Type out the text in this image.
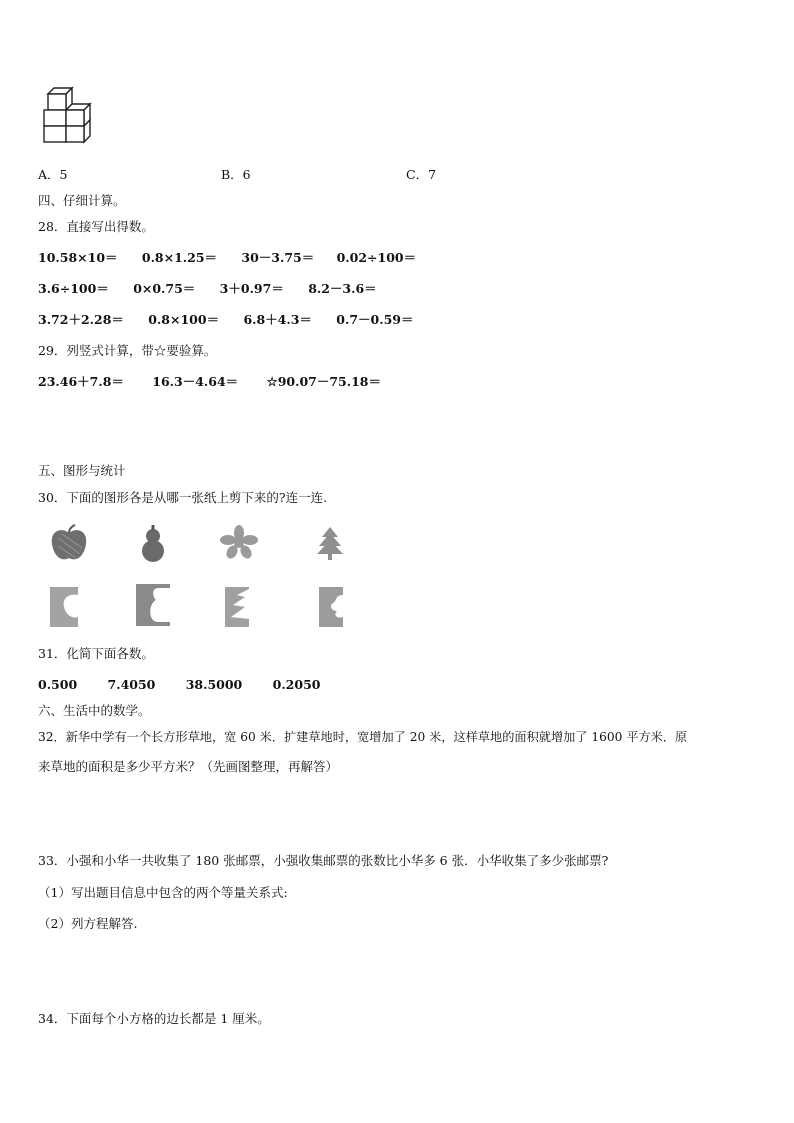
A．5	B．6	C．7
四、仔细计算。
28．直接写出得数。
10.58×10＝ 0.8×1.25＝ 30－3.75＝ 0.02÷100＝
3.6÷100＝ 0×0.75＝ 3＋0.97＝ 8.2－3.6＝
3.72＋2.28＝ 0.8×100＝ 6.8＋4.3＝ 0.7－0.59＝
29．列竖式计算，带☆要验算。
23.46＋7.8＝ 16.3－4.64＝ ☆90.07－75.18＝
五、图形与统计
30．下面的图形各是从哪一张纸上剪下来的?连一连.
31．化简下面各数。
0.500 7.4050 38.5000 0.2050
六、生活中的数学。
32．新华中学有一个长方形草地，宽 60 米．扩建草地时，宽增加了 20 米，这样草地的面积就增加了 1600 平方米．原
来草地的面积是多少平方米？（先画图整理，再解答）
33．小强和小华一共收集了 180 张邮票，小强收集邮票的张数比小华多 6 张．小华收集了多少张邮票?
（1）写出题目信息中包含的两个等量关系式:
（2）列方程解答.
34．下面每个小方格的边长都是 1 厘米。
